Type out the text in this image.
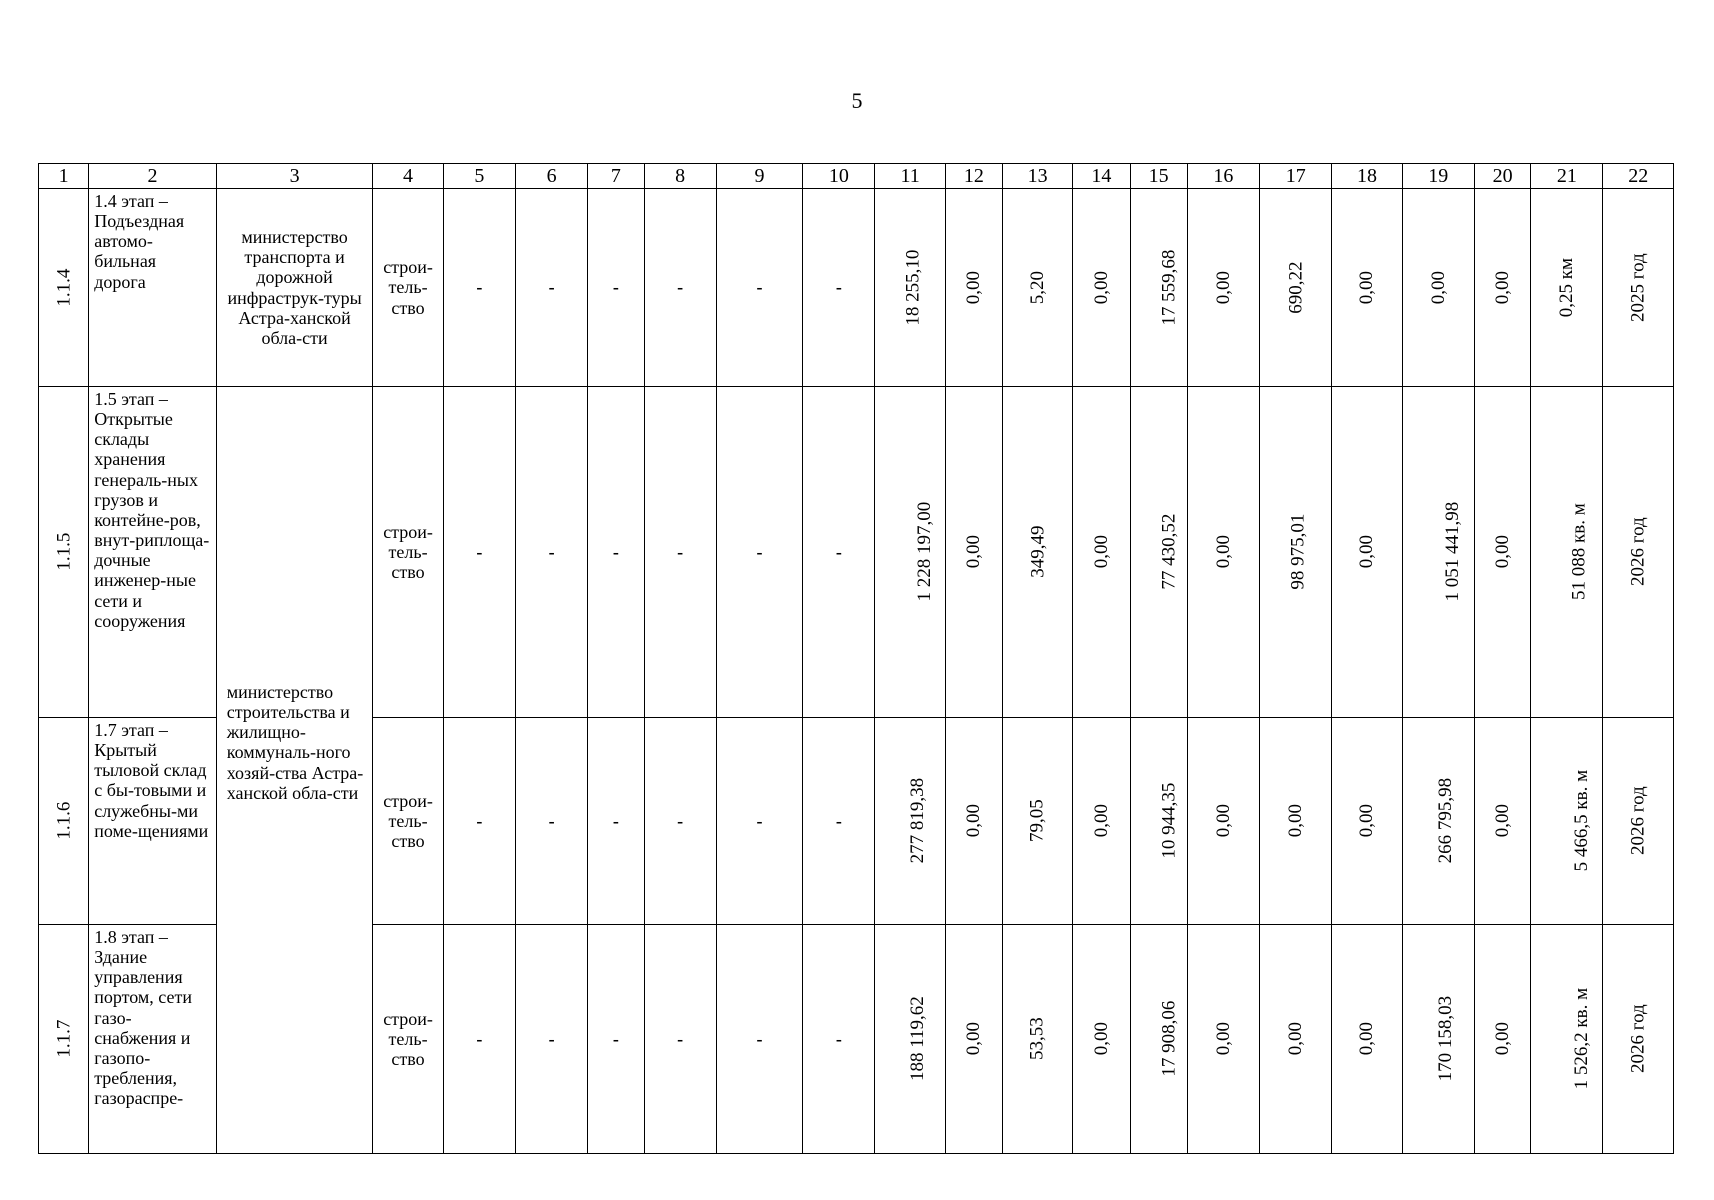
5
1	2	3	4	5	6	7	8	9	10	11	12	13	14	15	16	17	18	19	20	21	22
1.1.4	1.4 этап – Подъездная автомо-бильная дорога	министерство транспорта и дорожной инфраструк-туры Астра-ханской обла-сти	строи-тель-ство	-	-	-	-	-	-	18 255,10	0,00	5,20	0,00	17 559,68	0,00	690,22	0,00	0,00	0,00	0,25 км	2025 год
1.1.5	1.5 этап – Открытые склады хранения генераль-ных грузов и контейне-ров, внут-риплоща-дочные инженер-ные сети и сооружения	министерство строительства и жилищно-коммуналь-ного хозяй-ства Астра-ханской обла-сти	строи-тель-ство	-	-	-	-	-	-	1 228 197,00	0,00	349,49	0,00	77 430,52	0,00	98 975,01	0,00	1 051 441,98	0,00	51 088 кв. м	2026 год
1.1.6	1.7 этап – Крытый тыловой склад с бы-товыми и служебны-ми поме-щениями		строи-тель-ство	-	-	-	-	-	-	277 819,38	0,00	79,05	0,00	10 944,35	0,00	0,00	0,00	266 795,98	0,00	5 466,5 кв. м	2026 год
1.1.7	1.8 этап – Здание управления портом, сети газо-снабжения и газопо-требления, газораспре-		строи-тель-ство	-	-	-	-	-	-	188 119,62	0,00	53,53	0,00	17 908,06	0,00	0,00	0,00	170 158,03	0,00	1 526,2 кв. м	2026 год
